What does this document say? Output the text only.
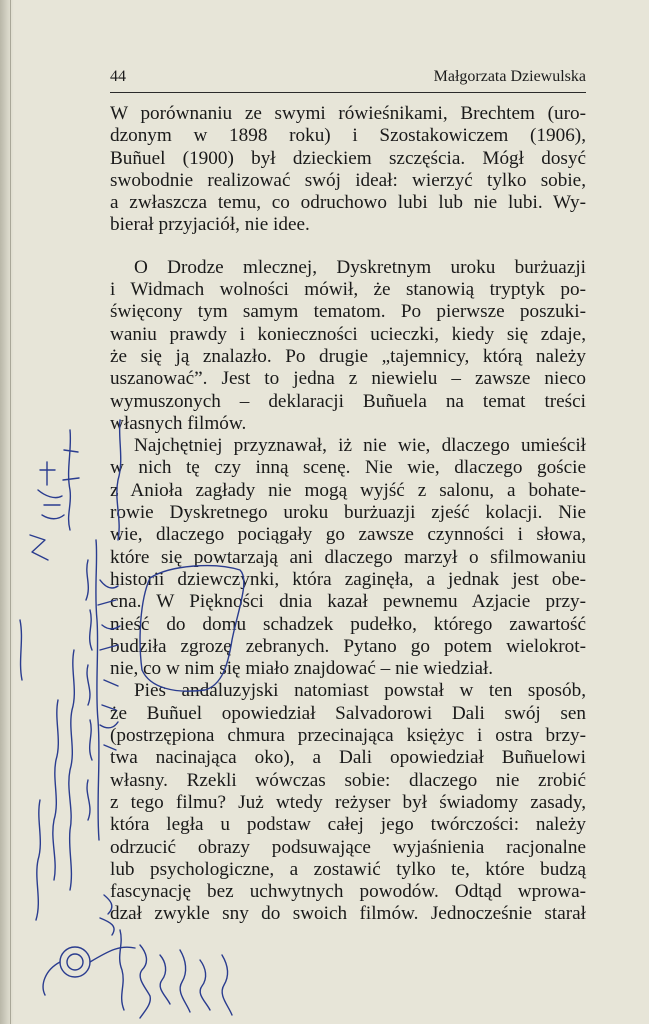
44	Małgorzata Dziewulska
W porównaniu ze swymi rówieśnikami, Brechtem (uro-
dzonym w 1898 roku) i Szostakowiczem (1906),
Buñuel (1900) był dzieckiem szczęścia. Mógł dosyć
swobodnie realizować swój ideał: wierzyć tylko sobie,
a zwłaszcza temu, co odruchowo lubi lub nie lubi. Wy-
bierał przyjaciół, nie idee.
O Drodze mlecznej, Dyskretnym uroku burżuazji
i Widmach wolności mówił, że stanowią tryptyk po-
święcony tym samym tematom. Po pierwsze poszuki-
waniu prawdy i konieczności ucieczki, kiedy się zdaje,
że się ją znalazło. Po drugie „tajemnicy, którą należy
uszanować”. Jest to jedna z niewielu – zawsze nieco
wymuszonych – deklaracji Buñuela na temat treści
własnych filmów.
Najchętniej przyznawał, iż nie wie, dlaczego umieścił
w nich tę czy inną scenę. Nie wie, dlaczego goście
z Anioła zagłady nie mogą wyjść z salonu, a bohate-
rowie Dyskretnego uroku burżuazji zjeść kolacji. Nie
wie, dlaczego pociągały go zawsze czynności i słowa,
które się powtarzają ani dlaczego marzył o sfilmowaniu
historii dziewczynki, która zaginęła, a jednak jest obe-
cna. W Piękności dnia kazał pewnemu Azjacie przy-
nieść do domu schadzek pudełko, którego zawartość
budziła zgrozę zebranych. Pytano go potem wielokrot-
nie, co w nim się miało znajdować – nie wiedział.
Pies andaluzyjski natomiast powstał w ten sposób,
że Buñuel opowiedział Salvadorowi Dali swój sen
(postrzępiona chmura przecinająca księżyc i ostra brzy-
twa nacinająca oko), a Dali opowiedział Buñuelowi
własny. Rzekli wówczas sobie: dlaczego nie zrobić
z tego filmu? Już wtedy reżyser był świadomy zasady,
która legła u podstaw całej jego twórczości: należy
odrzucić obrazy podsuwające wyjaśnienia racjonalne
lub psychologiczne, a zostawić tylko te, które budzą
fascynację bez uchwytnych powodów. Odtąd wprowa-
dzał zwykle sny do swoich filmów. Jednocześnie starał
